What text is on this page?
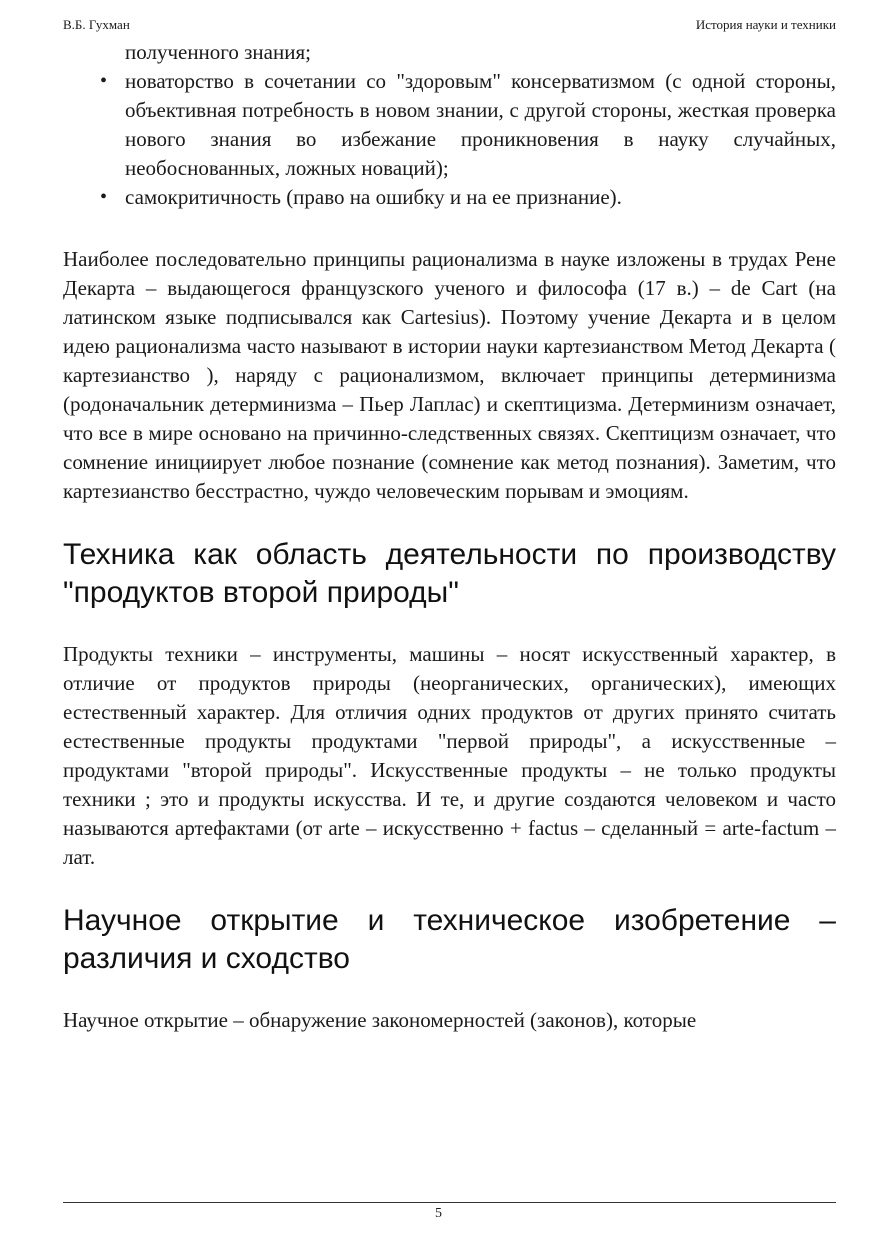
В.Б. Гухман	История науки и техники
полученного знания;
• новаторство в сочетании со "здоровым" консерватизмом (с одной стороны, объективная потребность в новом знании, с другой стороны, жесткая проверка нового знания во избежание проникновения в науку случайных, необоснованных, ложных новаций);
• самокритичность (право на ошибку и на ее признание).

Наиболее последовательно принципы рационализма в науке изложены в трудах Рене Декарта – выдающегося французского ученого и философа (17 в.) – de Cart (на латинском языке подписывался как Cartesius). Поэтому учение Декарта и в целом идею рационализма часто называют в истории науки картезианством Метод Декарта ( картезианство ), наряду с рационализмом, включает принципы детерминизма (родоначальник детерминизма – Пьер Лаплас) и скептицизма. Детерминизм означает, что все в мире основано на причинно-следственных связях. Скептицизм означает, что сомнение инициирует любое познание (сомнение как метод познания). Заметим, что картезианство бесстрастно, чуждо человеческим порывам и эмоциям.

Техника как область деятельности по производству "продуктов второй природы"

Продукты техники – инструменты, машины – носят искусственный характер, в отличие от продуктов природы (неорганических, органических), имеющих естественный характер. Для отличия одних продуктов от других принято считать естественные продукты продуктами "первой природы", а искусственные – продуктами "второй природы". Искусственные продукты – не только продукты техники ; это и продукты искусства. И те, и другие создаются человеком и часто называются артефактами (от arte – искусственно + factus – сделанный = arte-factum – лат.

Научное открытие и техническое изобретение – различия и сходство

Научное открытие – обнаружение закономерностей (законов), которые

5
